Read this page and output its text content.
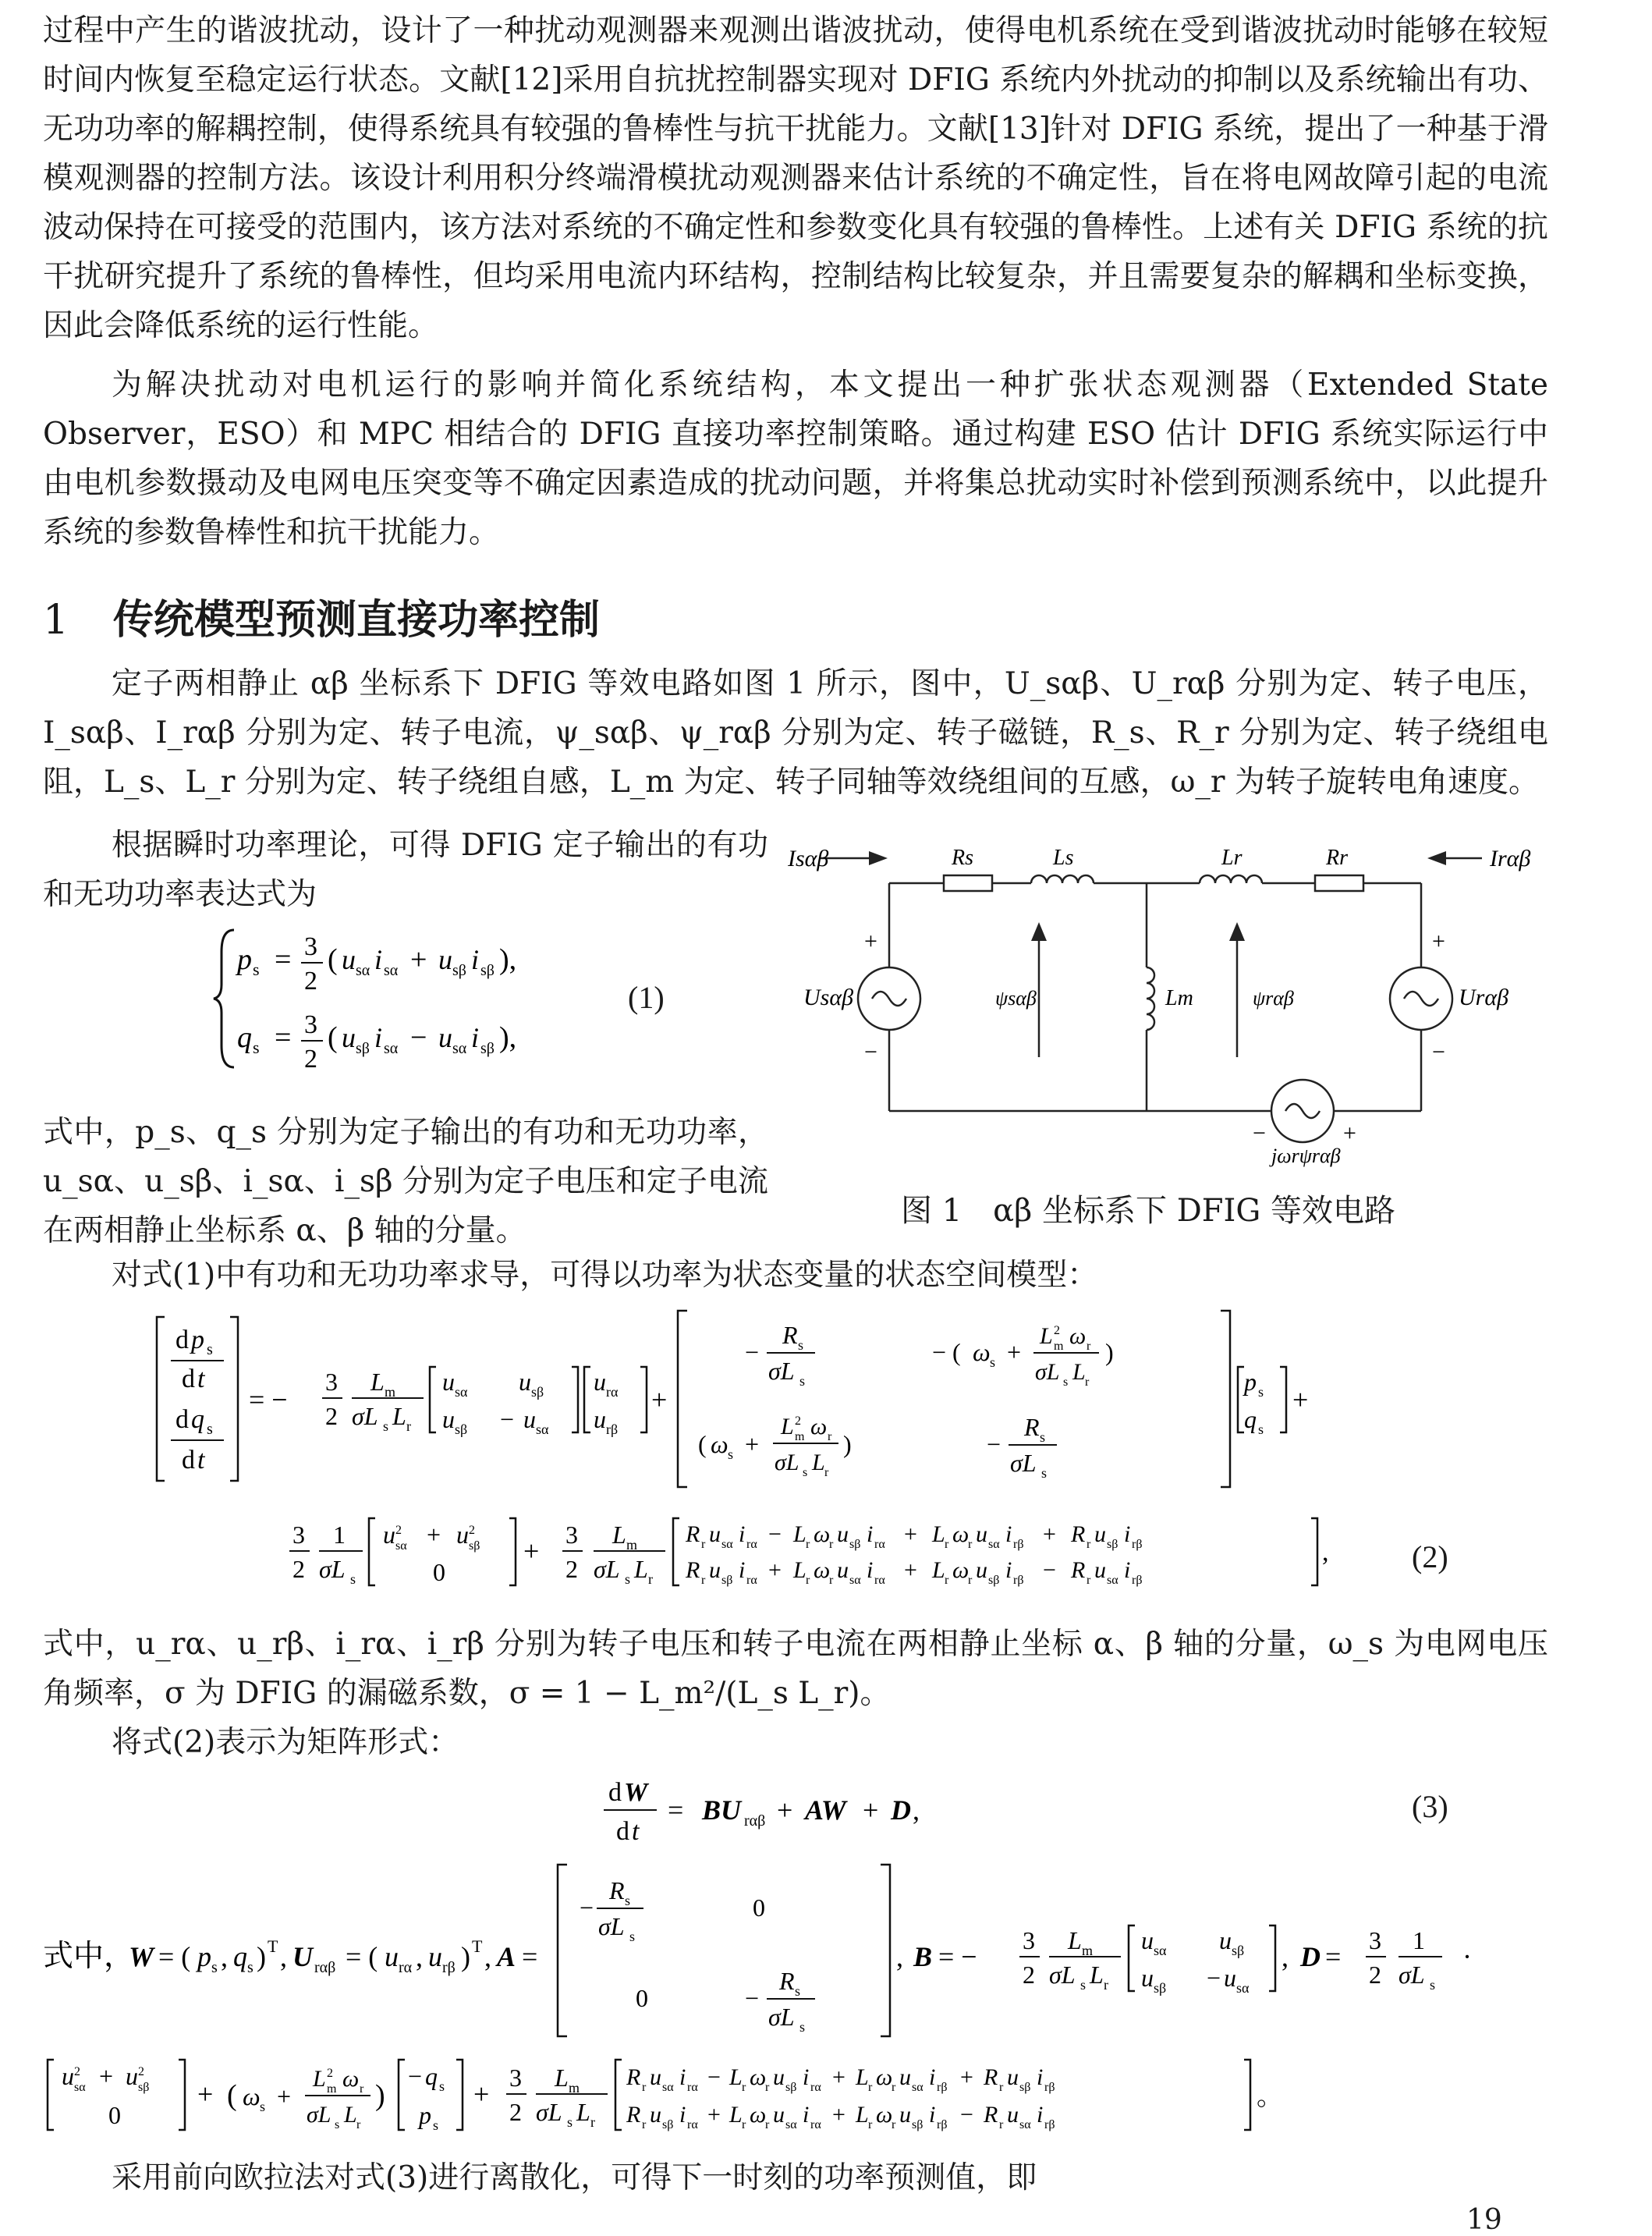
过程中产生的谐波扰动，设计了一种扰动观测器来观测出谐波扰动，使得电机系统在受到谐波扰动时能够在较短时间内恢复至稳定运行状态。文献[12]采用自抗扰控制器实现对 DFIG 系统内外扰动的抑制以及系统输出有功、无功功率的解耦控制，使得系统具有较强的鲁棒性与抗干扰能力。文献[13]针对 DFIG 系统，提出了一种基于滑模观测器的控制方法。该设计利用积分终端滑模扰动观测器来估计系统的不确定性，旨在将电网故障引起的电流波动保持在可接受的范围内，该方法对系统的不确定性和参数变化具有较强的鲁棒性。上述有关 DFIG 系统的抗干扰研究提升了系统的鲁棒性，但均采用电流内环结构，控制结构比较复杂，并且需要复杂的解耦和坐标变换，因此会降低系统的运行性能。

为解决扰动对电机运行的影响并简化系统结构，本文提出一种扩张状态观测器（Extended State Observer，ESO）和 MPC 相结合的 DFIG 直接功率控制策略。通过构建 ESO 估计 DFIG 系统实际运行中由电机参数摄动及电网电压突变等不确定因素造成的扰动问题，并将集总扰动实时补偿到预测系统中，以此提升系统的参数鲁棒性和抗干扰能力。

1 传统模型预测直接功率控制

定子两相静止 αβ 坐标系下 DFIG 等效电路如图 1 所示，图中，U_sαβ、U_rαβ 分别为定、转子电压，I_sαβ、I_rαβ 分别为定、转子电流，ψ_sαβ、ψ_rαβ 分别为定、转子磁链，R_s、R_r 分别为定、转子绕组电阻，L_s、L_r 分别为定、转子绕组自感，L_m 为定、转子同轴等效绕组间的互感，ω_r 为转子旋转电角速度。

根据瞬时功率理论，可得 DFIG 定子输出的有功和无功功率表达式为

p s = 3
2
( u sα i sα + u sβ i sβ ),
q s = 3
2
( u sβ i sα − u sα i sβ ),
(1)
Isαβ	Rs	Ls	Lr	Rr	Irαβ
Usαβ	Urαβ
ψsαβ	ψrαβ
Lm
jωrψrαβ
+
−
+
−
−	+
图 1　αβ 坐标系下 DFIG 等效电路

式中，p_s、q_s 分别为定子输出的有功和无功功率，u_sα、u_sβ、i_sα、i_sβ 分别为定子电压和定子电流在两相静止坐标系 α、β 轴的分量。

对式(1)中有功和无功功率求导，可得以功率为状态变量的状态空间模型：

d p s
d t
d q s
d t
= −
3
2
L m
σL s L r
u sα u sβ
u sβ − u sα
u rα
u rβ
+
−
R s
σL s
− ( ω s +
L 2
m ω r
σL s L r
)
( ω s +
L 2
m ω r
σL s L r
)	−
R s
σL s
p s
q s
+
3
2
1
σL s
u 2
sα + u 2
sβ
0
+
3
2
L m
σL s L r
R r u sα i rα − L r ω
r u sβ i rα + L r ω
r u sα i rβ + R r u sβ i rβ
R r u sβ i rα + L r ω
r u sα i rα + L r ω
r u sβ i rβ − R r u sα i rβ
,	(2)

式中，u_rα、u_rβ、i_rα、i_rβ 分别为转子电压和转子电流在两相静止坐标 α、β 轴的分量，ω_s 为电网电压角频率，σ 为 DFIG 的漏磁系数，σ = 1 − L_m²/(L_s L_r)。

将式(2)表示为矩阵形式：

d W
d t
= BU rαβ + AW + D ,	(3)
式中，
W = ( p s , q s ) T , U rαβ = ( u rα , u rβ ) T , A =
−
R s
σL s
0
0	−
R s
σL s
, B = −
3
2
L m
σL s L r
u sα u sβ
u sβ − u sα
, D =
3
2
1
σL s
·
u 2
sα + u 2
sβ
0
+ ( ω s +
L 2
m ω r
σL s L r
)
− q s
p s
+
3
2
L m
σL s L r
R r u sα i rα − L r ω
r u sβ i rα + L r ω
r u sα i rβ + R r u sβ i rβ
R r u sβ i rα + L r ω
r u sα i rα + L r ω
r u sβ i rβ − R r u sα i rβ
。

采用前向欧拉法对式(3)进行离散化，可得下一时刻的功率预测值，即

19
